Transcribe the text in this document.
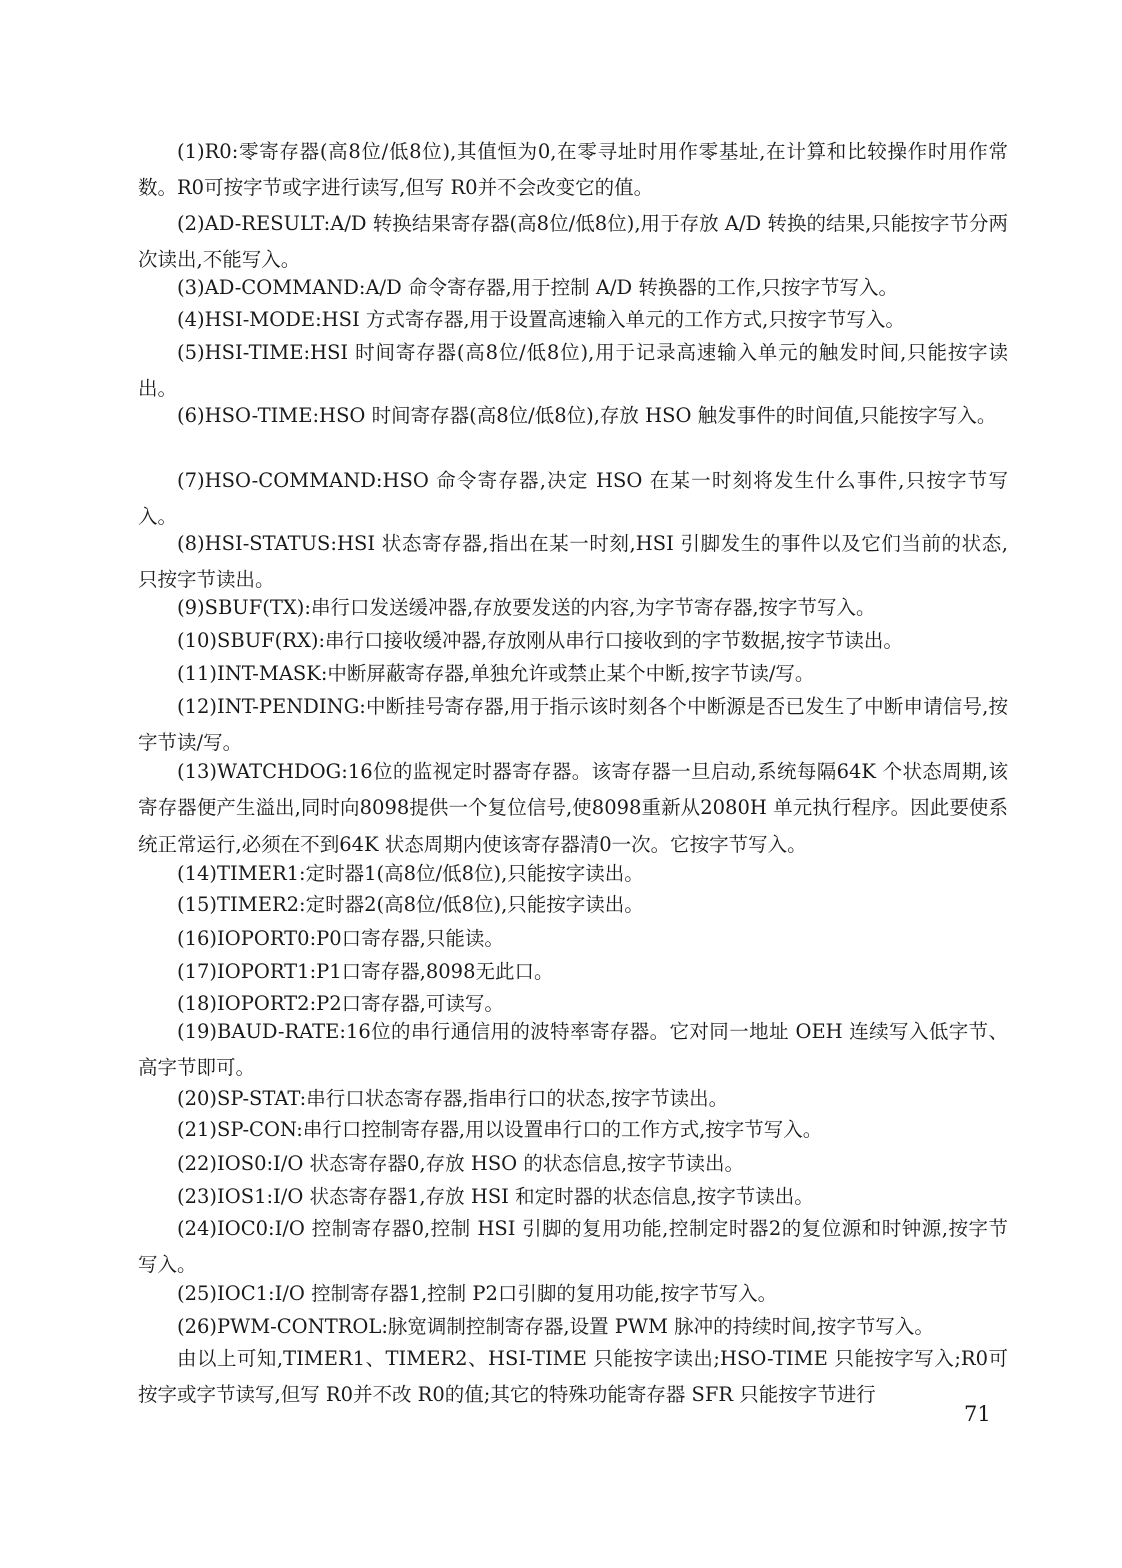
(1)R0:零寄存器(高8位/低8位),其值恒为0,在零寻址时用作零基址,在计算和比较操作时用作常数。R0可按字节或字进行读写,但写 R0并不会改变它的值。

(2)AD-RESULT:A/D 转换结果寄存器(高8位/低8位),用于存放 A/D 转换的结果,只能按字节分两次读出,不能写入。

(3)AD-COMMAND:A/D 命令寄存器,用于控制 A/D 转换器的工作,只按字节写入。

(4)HSI-MODE:HSI 方式寄存器,用于设置高速输入单元的工作方式,只按字节写入。

(5)HSI-TIME:HSI 时间寄存器(高8位/低8位),用于记录高速输入单元的触发时间,只能按字读出。

(6)HSO-TIME:HSO 时间寄存器(高8位/低8位),存放 HSO 触发事件的时间值,只能按字写入。

(7)HSO-COMMAND:HSO 命令寄存器,决定 HSO 在某一时刻将发生什么事件,只按字节写入。

(8)HSI-STATUS:HSI 状态寄存器,指出在某一时刻,HSI 引脚发生的事件以及它们当前的状态,只按字节读出。

(9)SBUF(TX):串行口发送缓冲器,存放要发送的内容,为字节寄存器,按字节写入。

(10)SBUF(RX):串行口接收缓冲器,存放刚从串行口接收到的字节数据,按字节读出。

(11)INT-MASK:中断屏蔽寄存器,单独允许或禁止某个中断,按字节读/写。

(12)INT-PENDING:中断挂号寄存器,用于指示该时刻各个中断源是否已发生了中断申请信号,按字节读/写。

(13)WATCHDOG:16位的监视定时器寄存器。该寄存器一旦启动,系统每隔64K 个状态周期,该寄存器便产生溢出,同时向8098提供一个复位信号,使8098重新从2080H 单元执行程序。因此要使系统正常运行,必须在不到64K 状态周期内使该寄存器清0一次。它按字节写入。

(14)TIMER1:定时器1(高8位/低8位),只能按字读出。

(15)TIMER2:定时器2(高8位/低8位),只能按字读出。

(16)IOPORT0:P0口寄存器,只能读。

(17)IOPORT1:P1口寄存器,8098无此口。

(18)IOPORT2:P2口寄存器,可读写。

(19)BAUD-RATE:16位的串行通信用的波特率寄存器。它对同一地址 OEH 连续写入低字节、高字节即可。

(20)SP-STAT:串行口状态寄存器,指串行口的状态,按字节读出。

(21)SP-CON:串行口控制寄存器,用以设置串行口的工作方式,按字节写入。

(22)IOS0:I/O 状态寄存器0,存放 HSO 的状态信息,按字节读出。

(23)IOS1:I/O 状态寄存器1,存放 HSI 和定时器的状态信息,按字节读出。

(24)IOC0:I/O 控制寄存器0,控制 HSI 引脚的复用功能,控制定时器2的复位源和时钟源,按字节写入。

(25)IOC1:I/O 控制寄存器1,控制 P2口引脚的复用功能,按字节写入。

(26)PWM-CONTROL:脉宽调制控制寄存器,设置 PWM 脉冲的持续时间,按字节写入。

由以上可知,TIMER1、TIMER2、HSI-TIME 只能按字读出;HSO-TIME 只能按字写入;R0可按字或字节读写,但写 R0并不改 R0的值;其它的特殊功能寄存器 SFR 只能按字节进行

71
